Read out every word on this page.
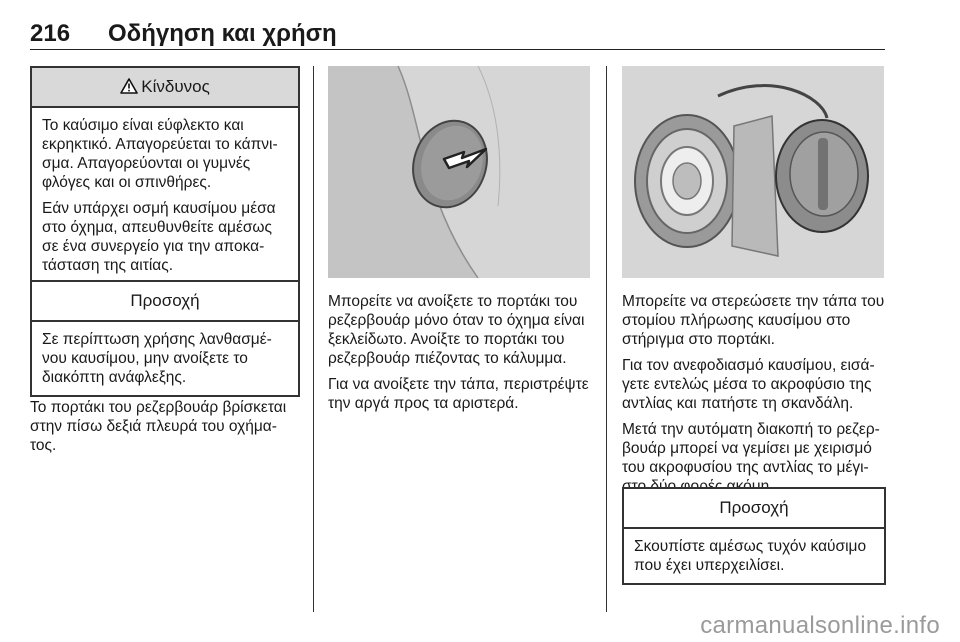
216 Οδήγηση και χρήση
Κίνδυνος

Το καύσιμο είναι εύφλεκτο και εκρηκτικό. Απαγορεύεται το κάπνι-σμα. Απαγορεύονται οι γυμνές φλόγες και οι σπινθήρες.

Εάν υπάρχει οσμή καυσίμου μέσα στο όχημα, απευθυνθείτε αμέσως σε ένα συνεργείο για την αποκα-τάσταση της αιτίας.

Προσοχή

Σε περίπτωση χρήσης λανθασμέ-νου καυσίμου, μην ανοίξετε το διακόπτη ανάφλεξης.

Το πορτάκι του ρεζερβουάρ βρίσκεται στην πίσω δεξιά πλευρά του οχήμα-τος.

Μπορείτε να ανοίξετε το πορτάκι του ρεζερβουάρ μόνο όταν το όχημα είναι ξεκλείδωτο. Ανοίξτε το πορτάκι του ρεζερβουάρ πιέζοντας το κάλυμμα.

Για να ανοίξετε την τάπα, περιστρέψτε την αργά προς τα αριστερά.

Μπορείτε να στερεώσετε την τάπα του στομίου πλήρωσης καυσίμου στο στήριγμα στο πορτάκι.

Για τον ανεφοδιασμό καυσίμου, εισά-γετε εντελώς μέσα το ακροφύσιο της αντλίας και πατήστε τη σκανδάλη.

Μετά την αυτόματη διακοπή το ρεζερ-βουάρ μπορεί να γεμίσει με χειρισμό του ακροφυσίου της αντλίας το μέγι-

Προσοχή

Σκουπίστε αμέσως τυχόν καύσιμο που έχει υπερχειλίσει.

carmanualsonline.info
